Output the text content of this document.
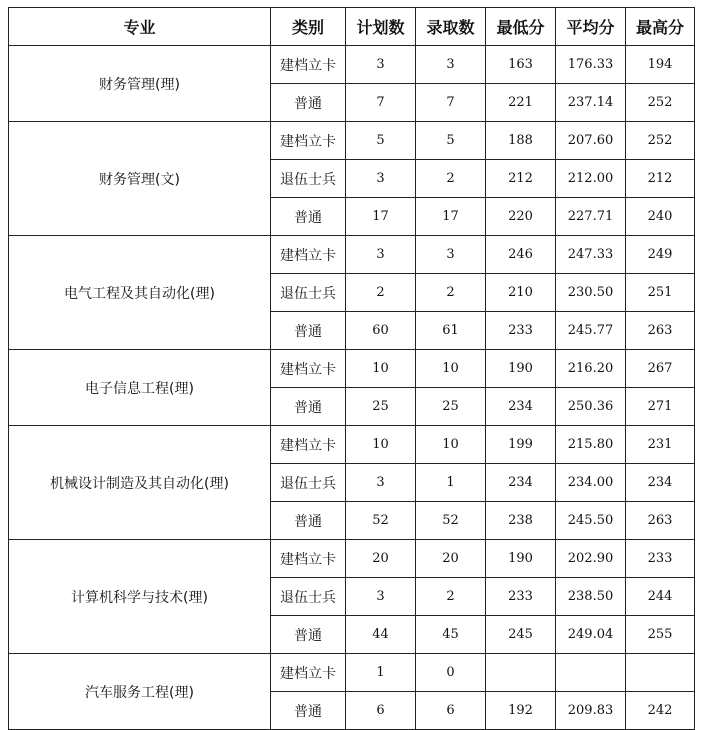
专业	类别	计划数	录取数	最低分	平均分	最高分
财务管理(理)	建档立卡	3	3	163	176.33	194
	普通	7	7	221	237.14	252
财务管理(文)	建档立卡	5	5	188	207.60	252
	退伍士兵	3	2	212	212.00	212
	普通	17	17	220	227.71	240
电气工程及其自动化(理)	建档立卡	3	3	246	247.33	249
	退伍士兵	2	2	210	230.50	251
	普通	60	61	233	245.77	263
电子信息工程(理)	建档立卡	10	10	190	216.20	267
	普通	25	25	234	250.36	271
机械设计制造及其自动化(理)	建档立卡	10	10	199	215.80	231
	退伍士兵	3	1	234	234.00	234
	普通	52	52	238	245.50	263
计算机科学与技术(理)	建档立卡	20	20	190	202.90	233
	退伍士兵	3	2	233	238.50	244
	普通	44	45	245	249.04	255
汽车服务工程(理)	建档立卡	1	0			
	普通	6	6	192	209.83	242
